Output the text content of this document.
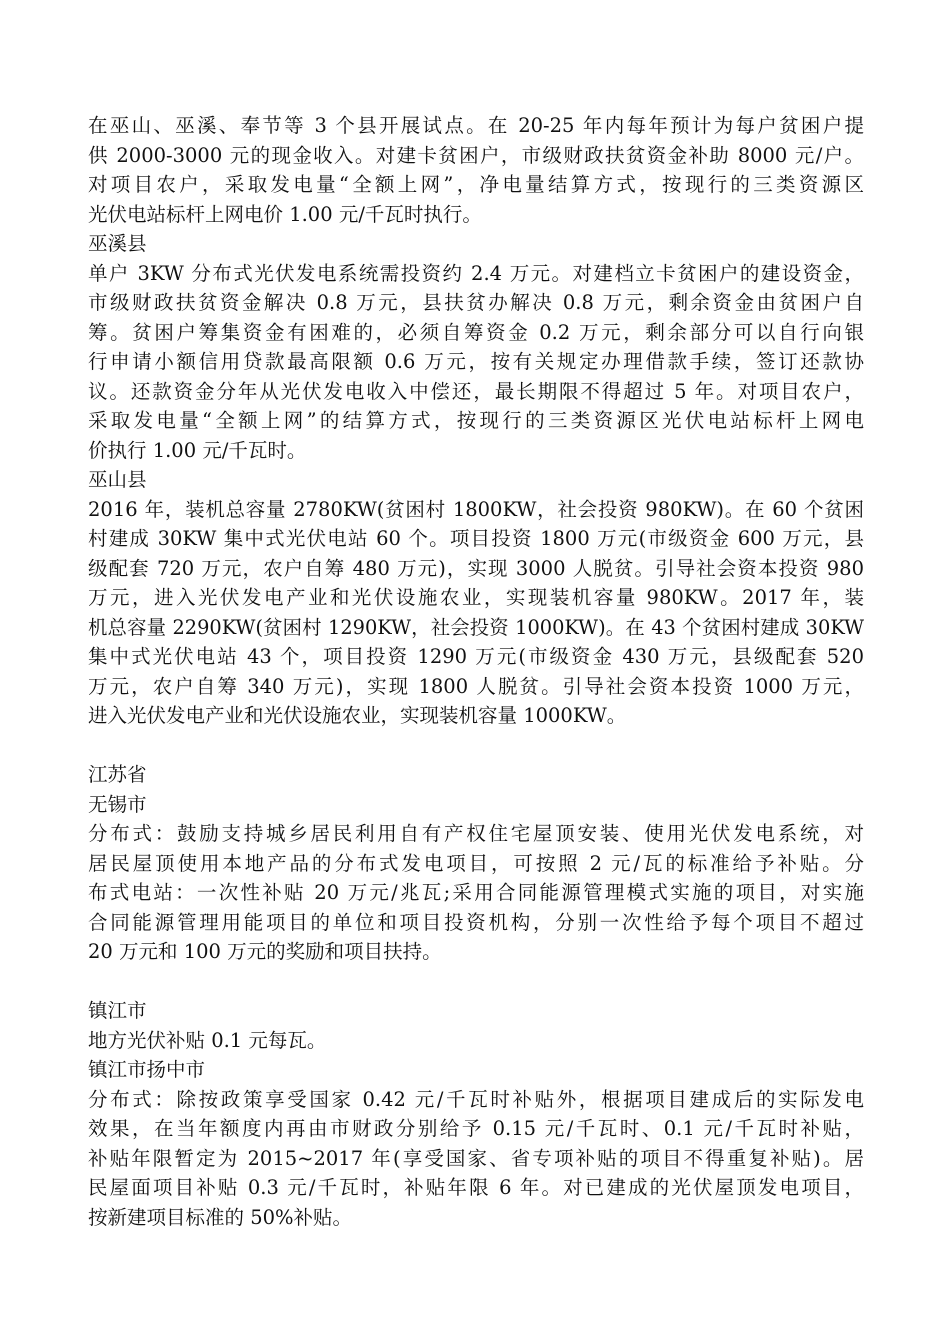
在巫山、巫溪、奉节等 3 个县开展试点。在 20-25 年内每年预计为每户贫困户提
供 2000-3000 元的现金收入。对建卡贫困户，市级财政扶贫资金补助 8000 元/户。
对项目农户，采取发电量“全额上网”，净电量结算方式，按现行的三类资源区
光伏电站标杆上网电价 1.00 元/千瓦时执行。
巫溪县
单户 3KW 分布式光伏发电系统需投资约 2.4 万元。对建档立卡贫困户的建设资金，
市级财政扶贫资金解决 0.8 万元，县扶贫办解决 0.8 万元，剩余资金由贫困户自
筹。贫困户筹集资金有困难的，必须自筹资金 0.2 万元，剩余部分可以自行向银
行申请小额信用贷款最高限额 0.6 万元，按有关规定办理借款手续，签订还款协
议。还款资金分年从光伏发电收入中偿还，最长期限不得超过 5 年。对项目农户，
采取发电量“全额上网”的结算方式，按现行的三类资源区光伏电站标杆上网电
价执行 1.00 元/千瓦时。
巫山县
2016 年，装机总容量 2780KW(贫困村 1800KW，社会投资 980KW)。在 60 个贫困
村建成 30KW 集中式光伏电站 60 个。项目投资 1800 万元(市级资金 600 万元，县
级配套 720 万元，农户自筹 480 万元)，实现 3000 人脱贫。引导社会资本投资 980
万元，进入光伏发电产业和光伏设施农业，实现装机容量 980KW。2017 年，装
机总容量 2290KW(贫困村 1290KW，社会投资 1000KW)。在 43 个贫困村建成 30KW
集中式光伏电站 43 个，项目投资 1290 万元(市级资金 430 万元，县级配套 520
万元，农户自筹 340 万元)，实现 1800 人脱贫。引导社会资本投资 1000 万元，
进入光伏发电产业和光伏设施农业，实现装机容量 1000KW。
江苏省
无锡市
分布式：鼓励支持城乡居民利用自有产权住宅屋顶安装、使用光伏发电系统，对
居民屋顶使用本地产品的分布式发电项目，可按照 2 元/瓦的标准给予补贴。分
布式电站：一次性补贴 20 万元/兆瓦;采用合同能源管理模式实施的项目，对实施
合同能源管理用能项目的单位和项目投资机构，分别一次性给予每个项目不超过
20 万元和 100 万元的奖励和项目扶持。
镇江市
地方光伏补贴 0.1 元每瓦。
镇江市扬中市
分布式：除按政策享受国家 0.42 元/千瓦时补贴外，根据项目建成后的实际发电
效果，在当年额度内再由市财政分别给予 0.15 元/千瓦时、0.1 元/千瓦时补贴，
补贴年限暂定为 2015~2017 年(享受国家、省专项补贴的项目不得重复补贴)。居
民屋面项目补贴 0.3 元/千瓦时，补贴年限 6 年。对已建成的光伏屋顶发电项目，
按新建项目标准的 50%补贴。
